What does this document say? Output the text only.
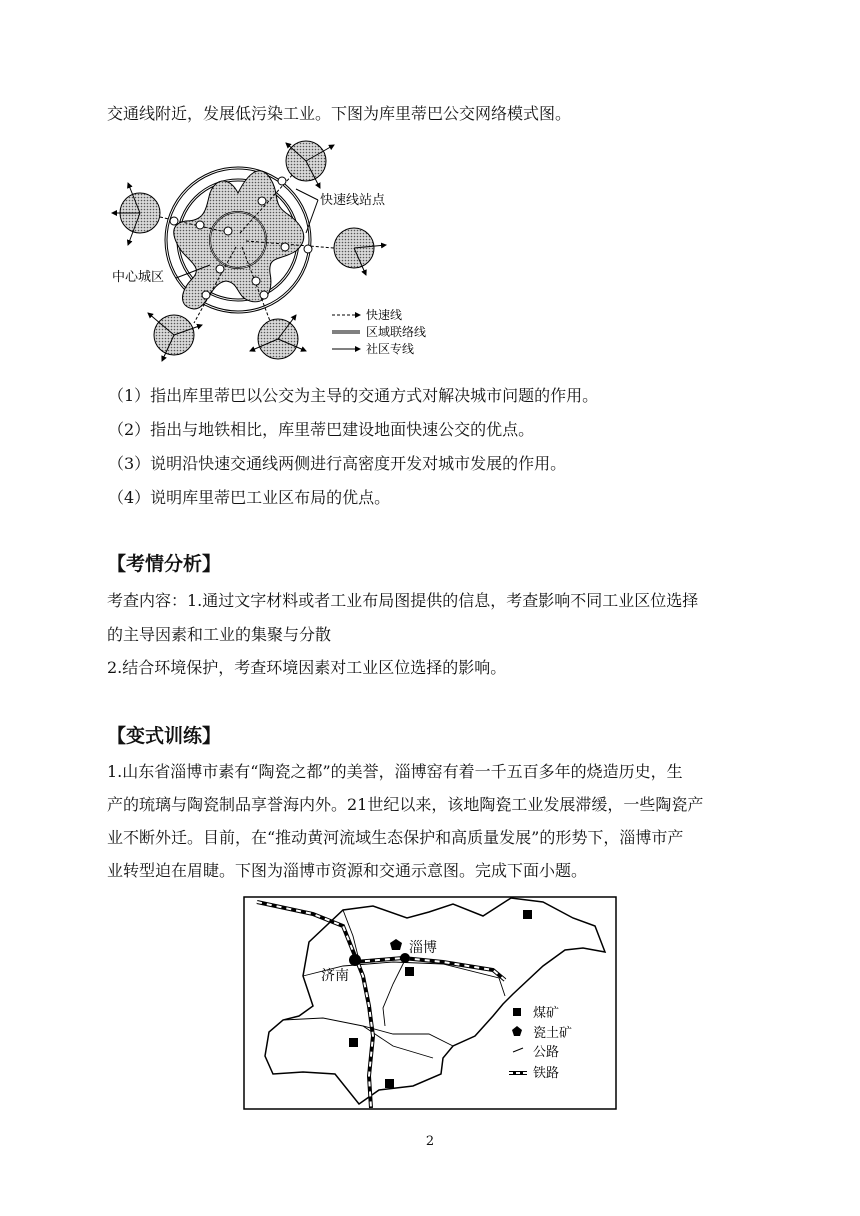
交通线附近，发展低污染工业。下图为库里蒂巴公交网络模式图。
快速线站点
中心城区
快速线
区域联络线
社区专线
（1）指出库里蒂巴以公交为主导的交通方式对解决城市问题的作用。
（2）指出与地铁相比，库里蒂巴建设地面快速公交的优点。
（3）说明沿快速交通线两侧进行高密度开发对城市发展的作用。
（4）说明库里蒂巴工业区布局的优点。
【考情分析】
考查内容：1.通过文字材料或者工业布局图提供的信息，考查影响不同工业区位选择
的主导因素和工业的集聚与分散
2.结合环境保护，考查环境因素对工业区位选择的影响。
【变式训练】
1.山东省淄博市素有“陶瓷之都”的美誉，淄博窑有着一千五百多年的烧造历史，生
产的琉璃与陶瓷制品享誉海内外。21世纪以来，该地陶瓷工业发展滞缓，一些陶瓷产
业不断外迁。目前，在“推动黄河流域生态保护和高质量发展”的形势下，淄博市产
业转型迫在眉睫。下图为淄博市资源和交通示意图。完成下面小题。
济南
淄博
煤矿
瓷土矿
公路
铁路
2
